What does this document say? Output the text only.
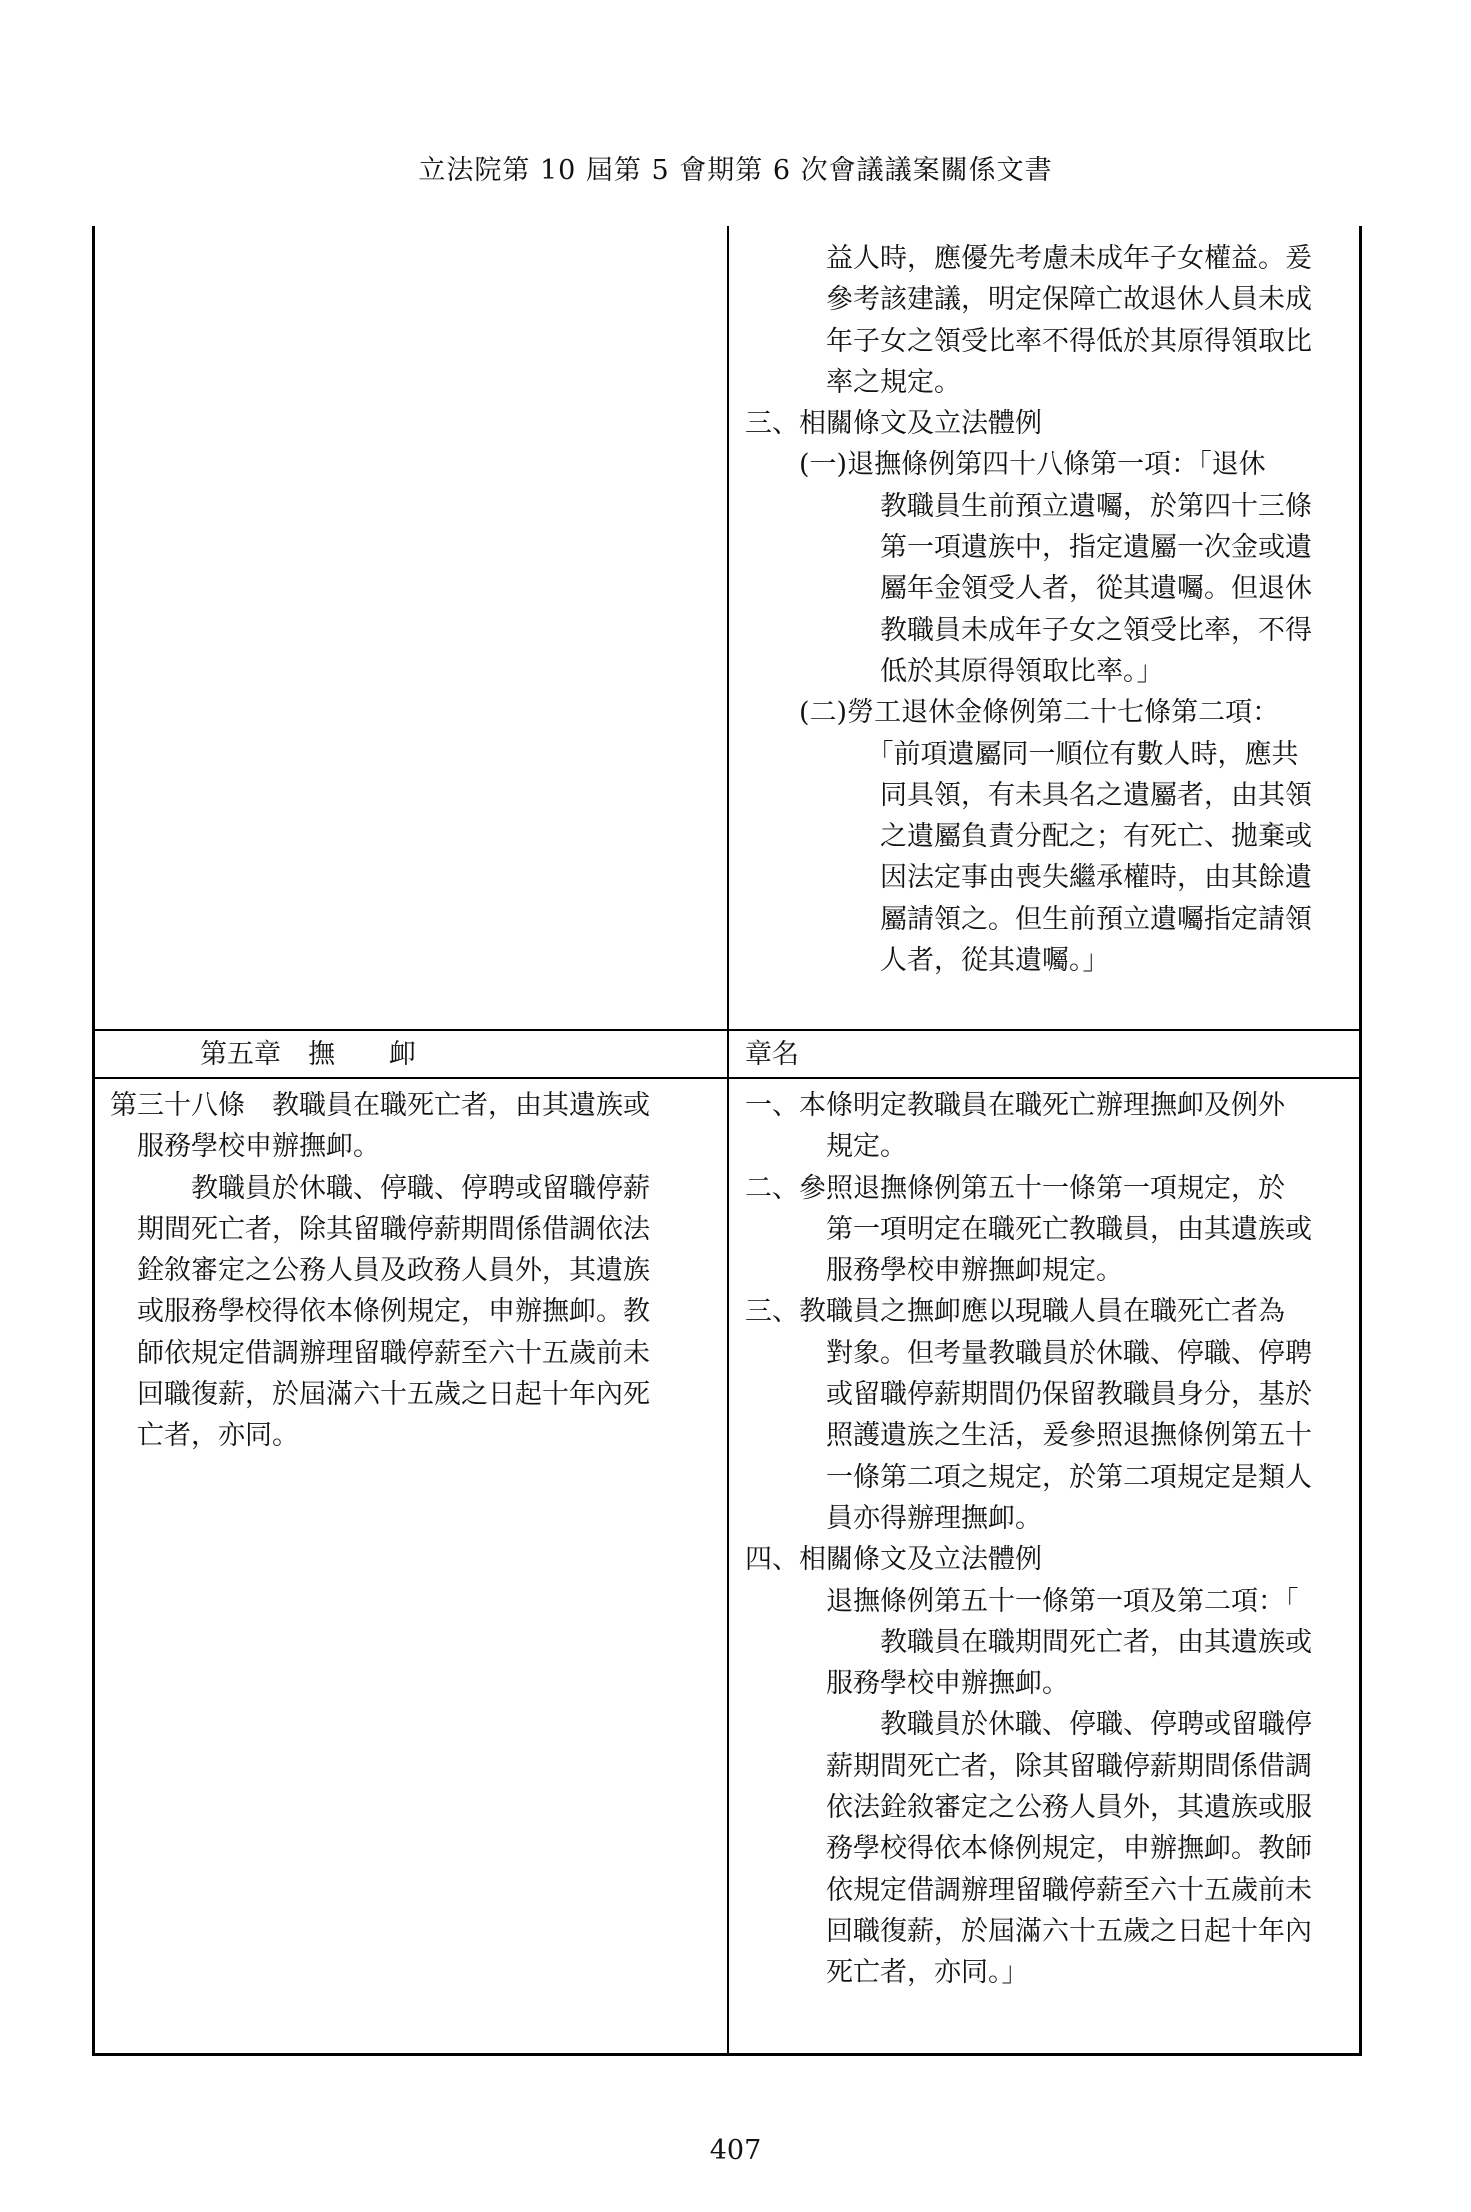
立法院第 10 屆第 5 會期第 6 次會議議案關係文書

　　　益人時，應優先考慮未成年子女權益。爰

　　　參考該建議，明定保障亡故退休人員未成

　　　年子女之領受比率不得低於其原得領取比

　　　率之規定。

三、相關條文及立法體例

　　(一)退撫條例第四十八條第一項：「退休

　　　　　教職員生前預立遺囑，於第四十三條

　　　　　第一項遺族中，指定遺屬一次金或遺

　　　　　屬年金領受人者，從其遺囑。但退休

　　　　　教職員未成年子女之領受比率，不得

　　　　　低於其原得領取比率。」

　　(二)勞工退休金條例第二十七條第二項：

　　　　　「前項遺屬同一順位有數人時，應共

　　　　　同具領，有未具名之遺屬者，由其領

　　　　　之遺屬負責分配之；有死亡、拋棄或

　　　　　因法定事由喪失繼承權時，由其餘遺

　　　　　屬請領之。但生前預立遺囑指定請領

　　　　　人者，從其遺囑。」

第五章　撫　　卹	章名

第三十八條　教職員在職死亡者，由其遺族或

　服務學校申辦撫卹。

　　　教職員於休職、停職、停聘或留職停薪

　期間死亡者，除其留職停薪期間係借調依法

　銓敘審定之公務人員及政務人員外，其遺族

　或服務學校得依本條例規定，申辦撫卹。教

　師依規定借調辦理留職停薪至六十五歲前未

　回職復薪，於屆滿六十五歲之日起十年內死

　亡者，亦同。

一、本條明定教職員在職死亡辦理撫卹及例外

　　　規定。

二、參照退撫條例第五十一條第一項規定，於

　　　第一項明定在職死亡教職員，由其遺族或

　　　服務學校申辦撫卹規定。

三、教職員之撫卹應以現職人員在職死亡者為

　　　對象。但考量教職員於休職、停職、停聘

　　　或留職停薪期間仍保留教職員身分，基於

　　　照護遺族之生活，爰參照退撫條例第五十

　　　一條第二項之規定，於第二項規定是類人

　　　員亦得辦理撫卹。

四、相關條文及立法體例

　　　退撫條例第五十一條第一項及第二項：「

　　　　　教職員在職期間死亡者，由其遺族或

　　　服務學校申辦撫卹。

　　　　　教職員於休職、停職、停聘或留職停

　　　薪期間死亡者，除其留職停薪期間係借調

　　　依法銓敘審定之公務人員外，其遺族或服

　　　務學校得依本條例規定，申辦撫卹。教師

　　　依規定借調辦理留職停薪至六十五歲前未

　　　回職復薪，於屆滿六十五歲之日起十年內

　　　死亡者，亦同。」

407
